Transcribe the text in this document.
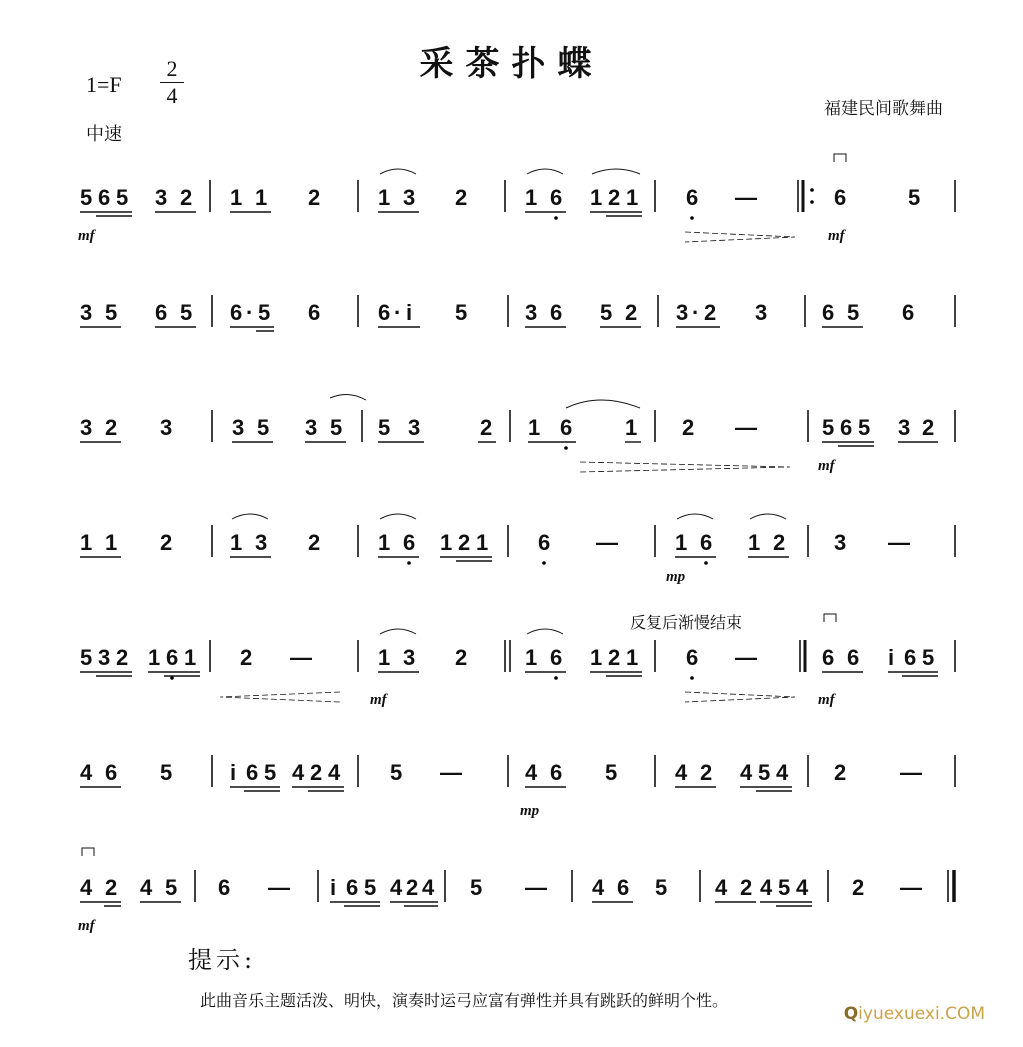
采茶扑蝶
1=F
2
4
福建民间歌舞曲
中速
5 6 5 3 2 1 1 2	1 3 2	1 6 1 2 1 6 —	6	5
mf	mf
3 5 6 5 6 · 5 6	6 · i 5	3 6 5 2 3 · 2 3 6 5 6
3 2 3	3 5 3 5 5 3	2 1 6 1 2 —	5 6 5 3 2
mf
1 1 2	1 3 2	1 6 1 2 1 6 —	1 6 1 2 3 —
mp
反复后渐慢结束
5 3 2 1 6 1 2 —	1 3 2	1 6 1 2 1 6 —	6 6 i 6 5
mf	mf
4 6 5	i 6 5 4 2 4 5 —	4 6 5	4 2 4 5 4 2 —
mp
4 2 4 5 6 — i 6 5 4 2 4 5 — 4 6 5 4 2 4 5 4 2 —
mf
提示:
此曲音乐主题活泼、明快，演奏时运弓应富有弹性并具有跳跃的鲜明个性。
Qiyuexuexi.COM
